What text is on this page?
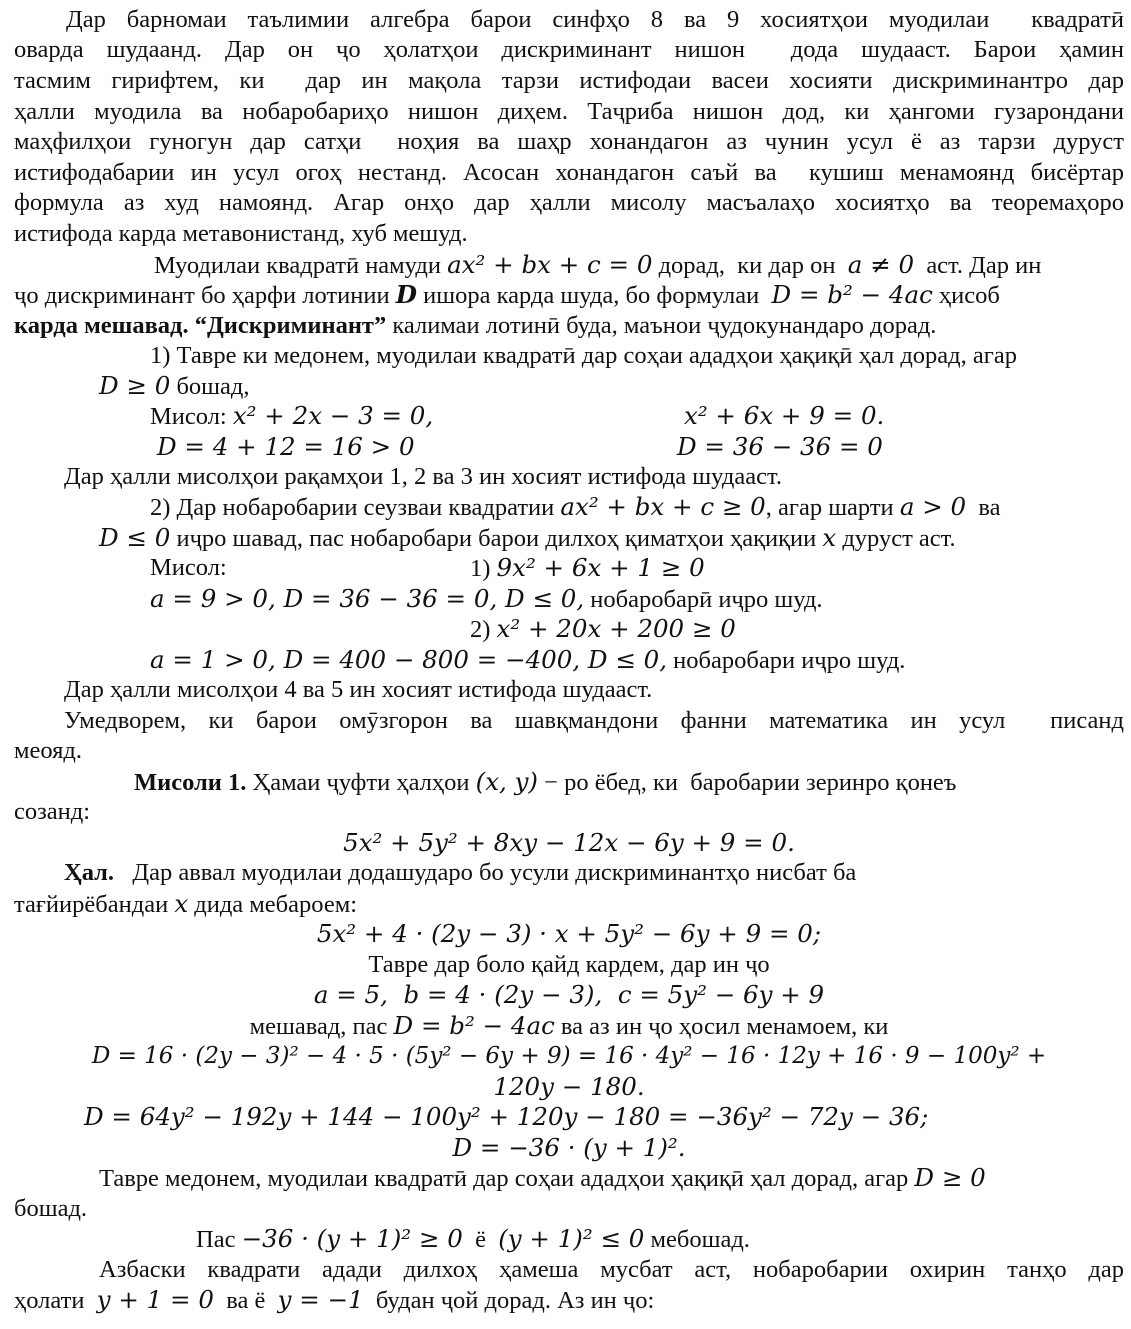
Дар барномаи таълимии алгебра барои синфҳо 8 ва 9 хосиятҳои муодилаи  квадратӣ
оварда шудаанд. Дар он ҷо ҳолатҳои дискриминант нишон  дода шудааст. Барои ҳамин
тасмим гирифтем, ки  дар ин мақола тарзи истифодаи васеи хосияти дискриминантро дар
ҳалли муодила ва нобаробариҳо нишон диҳем. Таҷриба нишон дод, ки ҳангоми гузарондани
маҳфилҳои гуногун дар сатҳи  ноҳия ва шаҳр хонандагон аз чунин усул ё аз тарзи дуруст
истифодабарии ин усул огоҳ нестанд. Асосан хонандагон саъй ва  кушиш менамоянд бисёртар
формула аз худ намоянд. Агар онҳо дар ҳалли мисолу масъалаҳо хосиятҳо ва теоремаҳоро
истифода карда метавонистанд, хуб мешуд.
Муодилаи квадратӣ намуди ax² + bx + c = 0 дорад,  ки дар он  a ≠ 0  аст. Дар ин
ҷо дискриминант бо ҳарфи лотинии D ишора карда шуда, бо формулаи  D = b² − 4ac ҳисоб
карда мешавад. “Дискриминант” калимаи лотинӣ буда, маънои ҷудокунандаро дорад.
1) Тавре ки медонем, муодилаи квадратӣ дар соҳаи ададҳои ҳақиқӣ ҳал дорад, агар
D ≥ 0 бошад,
Мисол: x² + 2x − 3 = 0,	x² + 6x + 9 = 0.
D = 4 + 12 = 16 > 0	D = 36 − 36 = 0
Дар ҳалли мисолҳои рақамҳои 1, 2 ва 3 ин хосият истифода шудааст.
2) Дар нобаробарии сеузваи квадратии ax² + bx + c ≥ 0, агар шарти a > 0  ва
D ≤ 0 иҷро шавад, пас нобаробари барои дилхоҳ қиматҳои ҳақиқии x дуруст аст.
Мисол:	1) 9x² + 6x + 1 ≥ 0
a = 9 > 0, D = 36 − 36 = 0, D ≤ 0, нобаробарӣ иҷро шуд.
2) x² + 20x + 200 ≥ 0
a = 1 > 0, D = 400 − 800 = −400, D ≤ 0, нобаробари иҷро шуд.
Дар ҳалли мисолҳои 4 ва 5 ин хосият истифода шудааст.
Умедворем, ки барои омӯзгорон ва шавқмандони фанни математика ин усул  писанд
меояд.
Мисоли 1. Ҳамаи ҷуфти ҳалҳои (x, y) − ро ёбед, ки  баробарии зеринро қонеъ
созанд:
5x² + 5y² + 8xy − 12x − 6y + 9 = 0.
Ҳал.   Дар аввал муодилаи додашударо бо усули дискриминантҳо нисбат ба
тағйирёбандаи x дида мебароем:
5x² + 4 · (2y − 3) · x + 5y² − 6y + 9 = 0;
Тавре дар боло қайд кардем, дар ин ҷо
a = 5,  b = 4 · (2y − 3),  c = 5y² − 6y + 9
мешавад, пас D = b² − 4ac ва аз ин ҷо ҳосил менамоем, ки
D = 16 · (2y − 3)² − 4 · 5 · (5y² − 6y + 9) = 16 · 4y² − 16 · 12y + 16 · 9 − 100y² +
120y − 180.
D = 64y² − 192y + 144 − 100y² + 120y − 180 = −36y² − 72y − 36;
D = −36 · (y + 1)².
Тавре медонем, муодилаи квадратӣ дар соҳаи ададҳои ҳақиқӣ ҳал дорад, агар D ≥ 0
бошад.
Пас −36 · (y + 1)² ≥ 0  ё  (y + 1)² ≤ 0 мебошад.
Азбаски квадрати адади дилхоҳ ҳамеша мусбат аст, нобаробарии охирин танҳо дар
ҳолати  y + 1 = 0  ва ё  y = −1  будан ҷой дорад. Аз ин ҷо:
